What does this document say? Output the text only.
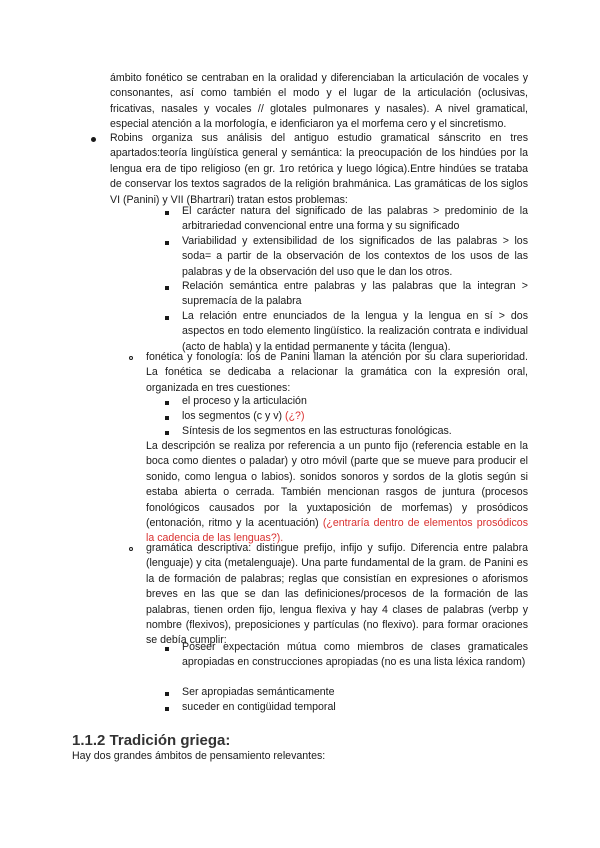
ámbito fonético se centraban en la oralidad y diferenciaban la articulación de vocales y consonantes, así como también el modo y el lugar de la articulación (oclusivas, fricativas, nasales y vocales // glotales pulmonares y nasales). A nivel gramatical, especial atención a la morfología, e idenficiaron ya el morfema cero y el sincretismo.

Robins organiza sus análisis del antiguo estudio gramatical sánscrito en tres apartados:teoría lingüística general y semántica: la preocupación de los hindúes por la lengua era de tipo religioso (en gr. 1ro retórica y luego lógica).Entre hindúes se trataba de conservar los textos sagrados de la religión brahmánica. Las gramáticas de los siglos VI (Panini) y VII (Bhartrari) tratan estos problemas:

El carácter natura del significado de las palabras > predominio de la arbitrariedad convencional entre una forma y su significado

Variabilidad y extensibilidad de los significados de las palabras > los soda= a partir de la observación de los contextos de los usos de las palabras y de la observación del uso que le dan los otros.

Relación semántica entre palabras y las palabras que la integran > supremacía de la palabra

La relación entre enunciados de la lengua y la lengua en sí > dos aspectos en todo elemento lingüístico. la realización contrata e individual (acto de habla) y la entidad permanente y tácita (lengua).

fonética y fonología: los de Panini llaman la atención por su clara superioridad. La fonética se dedicaba a relacionar la gramática con la expresión oral, organizada en tres cuestiones:

el proceso y la articulación

los segmentos (c y v) (¿?)

Síntesis de los segmentos en las estructuras fonológicas.

La descripción se realiza por referencia a un punto fijo (referencia estable en la boca como dientes o paladar) y otro móvil (parte que se mueve para producir el sonido, como lengua o labios). sonidos sonoros y sordos de la glotis según si estaba abierta o cerrada. También mencionan rasgos de juntura (procesos fonológicos causados por la yuxtaposición de morfemas) y prosódicos (entonación, ritmo y la acentuación) (¿entraría dentro de elementos prosódicos la cadencia de las lenguas?).

gramática descriptiva: distingue prefijo, infijo y sufijo. Diferencia entre palabra (lenguaje) y cita (metalenguaje). Una parte fundamental de la gram. de Panini es la de formación de palabras; reglas que consistían en expresiones o aforismos breves en las que se dan las definiciones/procesos de la formación de las palabras, tienen orden fijo, lengua flexiva y hay 4 clases de palabras (verbp y nombre (flexivos), preposiciones y partículas (no flexivo). para formar oraciones se debía cumplir:

Poseer expectación mútua como miembros de clases gramaticales apropiadas en construcciones apropiadas (no es una lista léxica random)

Ser apropiadas semánticamente

suceder en contigüidad temporal

1.1.2 Tradición griega:

Hay dos grandes ámbitos de pensamiento relevantes:
